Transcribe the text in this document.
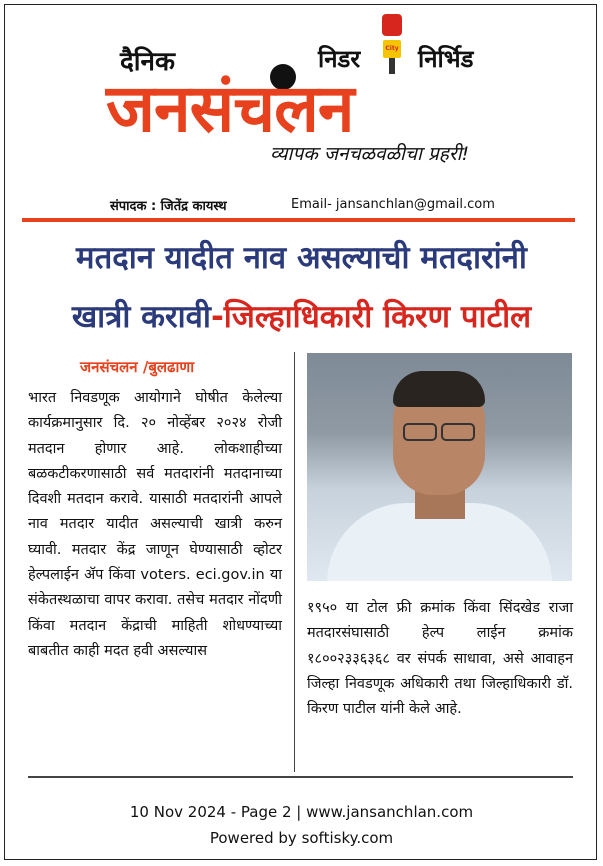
दैनिक	City
निडर निर्भिड
जनसंचलन
व्यापक जनचळवळीचा प्रहरी!
संपादक : जितेंद्र कायस्थ	Email- jansanchlan@gmail.com
मतदान यादीत नाव असल्याची मतदारांनी
खात्री करावी-जिल्हाधिकारी किरण पाटील
जनसंचलन /बुलढाणा
भारत निवडणूक आयोगाने घोषीत केलेल्या कार्यक्रमानुसार दि. २० नोव्हेंबर २०२४ रोजी मतदान होणार आहे. लोकशाहीच्या बळकटीकरणासाठी सर्व मतदारांनी मतदानाच्या दिवशी मतदान करावे. यासाठी मतदारांनी आपले नाव मतदार यादीत असल्याची खात्री करुन घ्यावी. मतदार केंद्र जाणून घेण्यासाठी व्होटर हेल्पलाईन ॲप किंवा voters. eci.gov.in या संकेतस्थळाचा वापर करावा. तसेच मतदार नोंदणी किंवा मतदान केंद्राची माहिती शोधण्याच्या बाबतीत काही मदत हवी असल्यास
१९५० या टोल फ्री क्रमांक किंवा सिंदखेड राजा मतदारसंघासाठी हेल्प लाईन क्रमांक १८००२३३६३६८ वर संपर्क साधावा, असे आवाहन जिल्हा निवडणूक अधिकारी तथा जिल्हाधिकारी डॉ. किरण पाटील यांनी केले आहे.
10 Nov 2024 - Page 2 | www.jansanchlan.com
Powered by softisky.com
